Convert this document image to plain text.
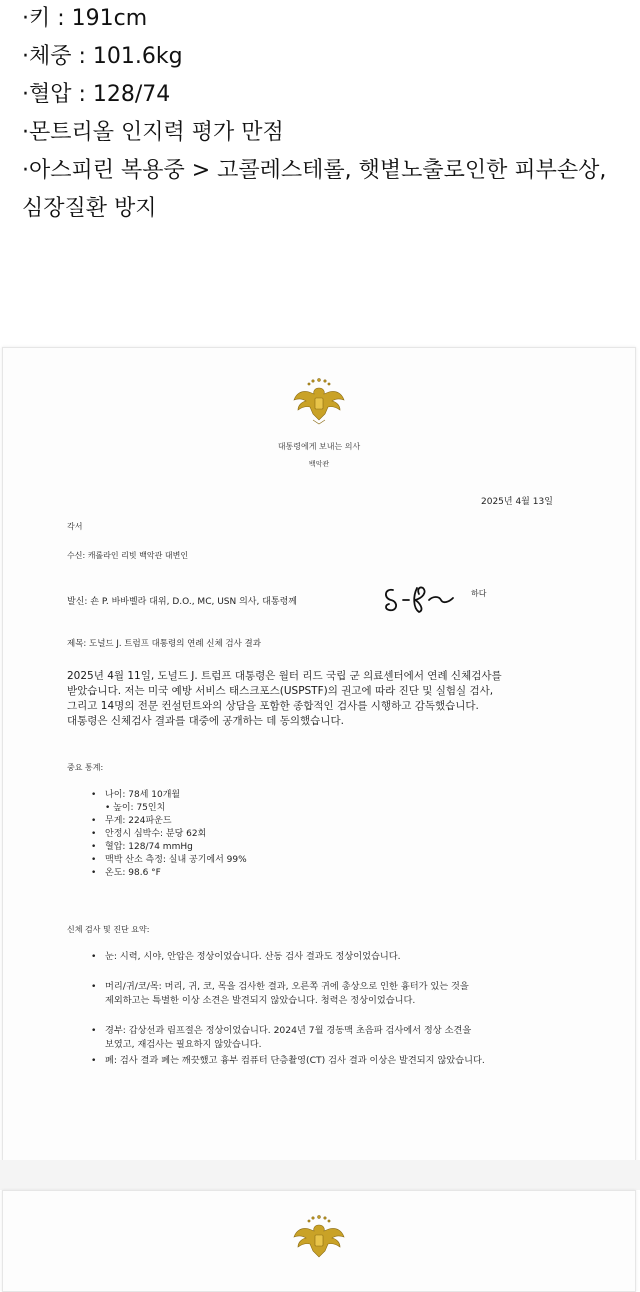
·키 : 191cm

·체중 : 101.6kg

·혈압 : 128/74

·몬트리올 인지력 평가 만점

·아스피린 복용중 > 고콜레스테롤, 햇볕노출로인한 피부손상, 심장질환 방지

대통령에게 보내는 의사
백악관
2025년 4월 13일
각서
수신: 캐롤라인 리빗 백악관 대변인
발신: 숀 P. 바바벨라 대위, D.O., MC, USN 의사, 대통령께
하다
제목: 도널드 J. 트럼프 대통령의 연례 신체 검사 결과
2025년 4월 11일, 도널드 J. 트럼프 대통령은 월터 리드 국립 군 의료센터에서 연례 신체검사를
받았습니다. 저는 미국 예방 서비스 태스크포스(USPSTF)의 권고에 따라 진단 및 실험실 검사,
그리고 14명의 전문 컨설턴트와의 상담을 포함한 종합적인 검사를 시행하고 감독했습니다.
대통령은 신체검사 결과를 대중에 공개하는 데 동의했습니다.
중요 통계:
• 나이: 78세 10개월
• 높이: 75인치
• 무게: 224파운드
• 안정시 심박수: 분당 62회
• 혈압: 128/74 mmHg
• 맥박 산소 측정: 실내 공기에서 99%
• 온도: 98.6 °F
신체 검사 및 진단 요약:
• 눈: 시력, 시야, 안압은 정상이었습니다. 산동 검사 결과도 정상이었습니다.
• 머리/귀/코/목: 머리, 귀, 코, 목을 검사한 결과, 오른쪽 귀에 총상으로 인한 흉터가 있는 것을
제외하고는 특별한 이상 소견은 발견되지 않았습니다. 청력은 정상이었습니다.
• 경부: 갑상선과 림프절은 정상이었습니다. 2024년 7월 경동맥 초음파 검사에서 정상 소견을
보였고, 재검사는 필요하지 않았습니다.
• 폐: 검사 결과 폐는 깨끗했고 흉부 컴퓨터 단층촬영(CT) 검사 결과 이상은 발견되지 않았습니다.
